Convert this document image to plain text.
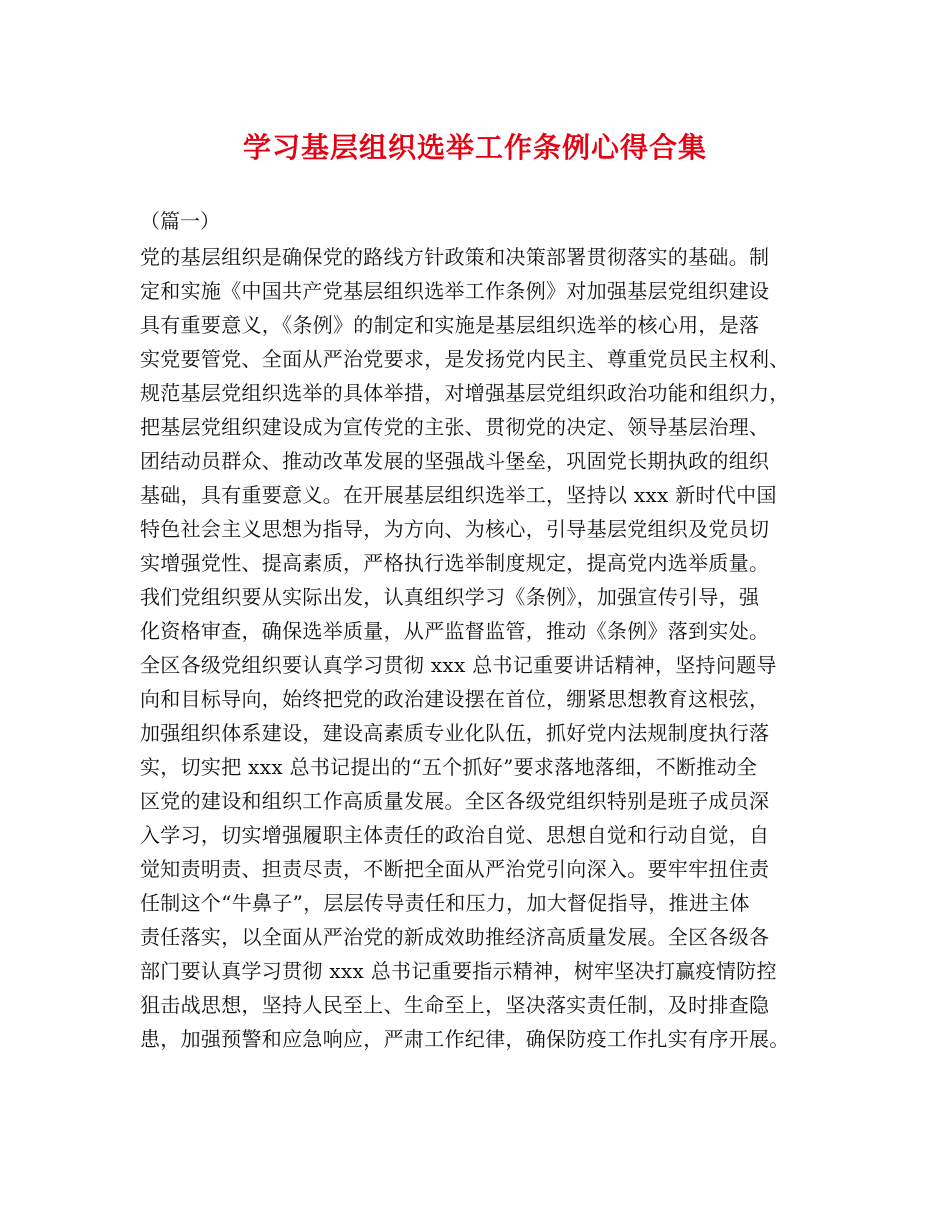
学习基层组织选举工作条例心得合集
（篇一）
党的基层组织是确保党的路线方针政策和决策部署贯彻落实的基础。制
定和实施《中国共产党基层组织选举工作条例》对加强基层党组织建设
具有重要意义，《条例》的制定和实施是基层组织选举的核心用，是落
实党要管党、全面从严治党要求，是发扬党内民主、尊重党员民主权利、
规范基层党组织选举的具体举措，对增强基层党组织政治功能和组织力，
把基层党组织建设成为宣传党的主张、贯彻党的决定、领导基层治理、
团结动员群众、推动改革发展的坚强战斗堡垒，巩固党长期执政的组织
基础，具有重要意义。在开展基层组织选举工，坚持以 xxx 新时代中国
特色社会主义思想为指导，为方向、为核心，引导基层党组织及党员切
实增强党性、提高素质，严格执行选举制度规定，提高党内选举质量。
我们党组织要从实际出发，认真组织学习《条例》，加强宣传引导，强
化资格审查，确保选举质量，从严监督监管，推动《条例》落到实处。
全区各级党组织要认真学习贯彻 xxx 总书记重要讲话精神，坚持问题导
向和目标导向，始终把党的政治建设摆在首位，绷紧思想教育这根弦，
加强组织体系建设，建设高素质专业化队伍，抓好党内法规制度执行落
实，切实把 xxx 总书记提出的“五个抓好”要求落地落细，不断推动全
区党的建设和组织工作高质量发展。全区各级党组织特别是班子成员深
入学习，切实增强履职主体责任的政治自觉、思想自觉和行动自觉，自
觉知责明责、担责尽责，不断把全面从严治党引向深入。要牢牢扭住责
任制这个“牛鼻子”，层层传导责任和压力，加大督促指导，推进主体
责任落实，以全面从严治党的新成效助推经济高质量发展。全区各级各
部门要认真学习贯彻 xxx 总书记重要指示精神，树牢坚决打赢疫情防控
狙击战思想，坚持人民至上、生命至上，坚决落实责任制，及时排查隐
患，加强预警和应急响应，严肃工作纪律，确保防疫工作扎实有序开展。
